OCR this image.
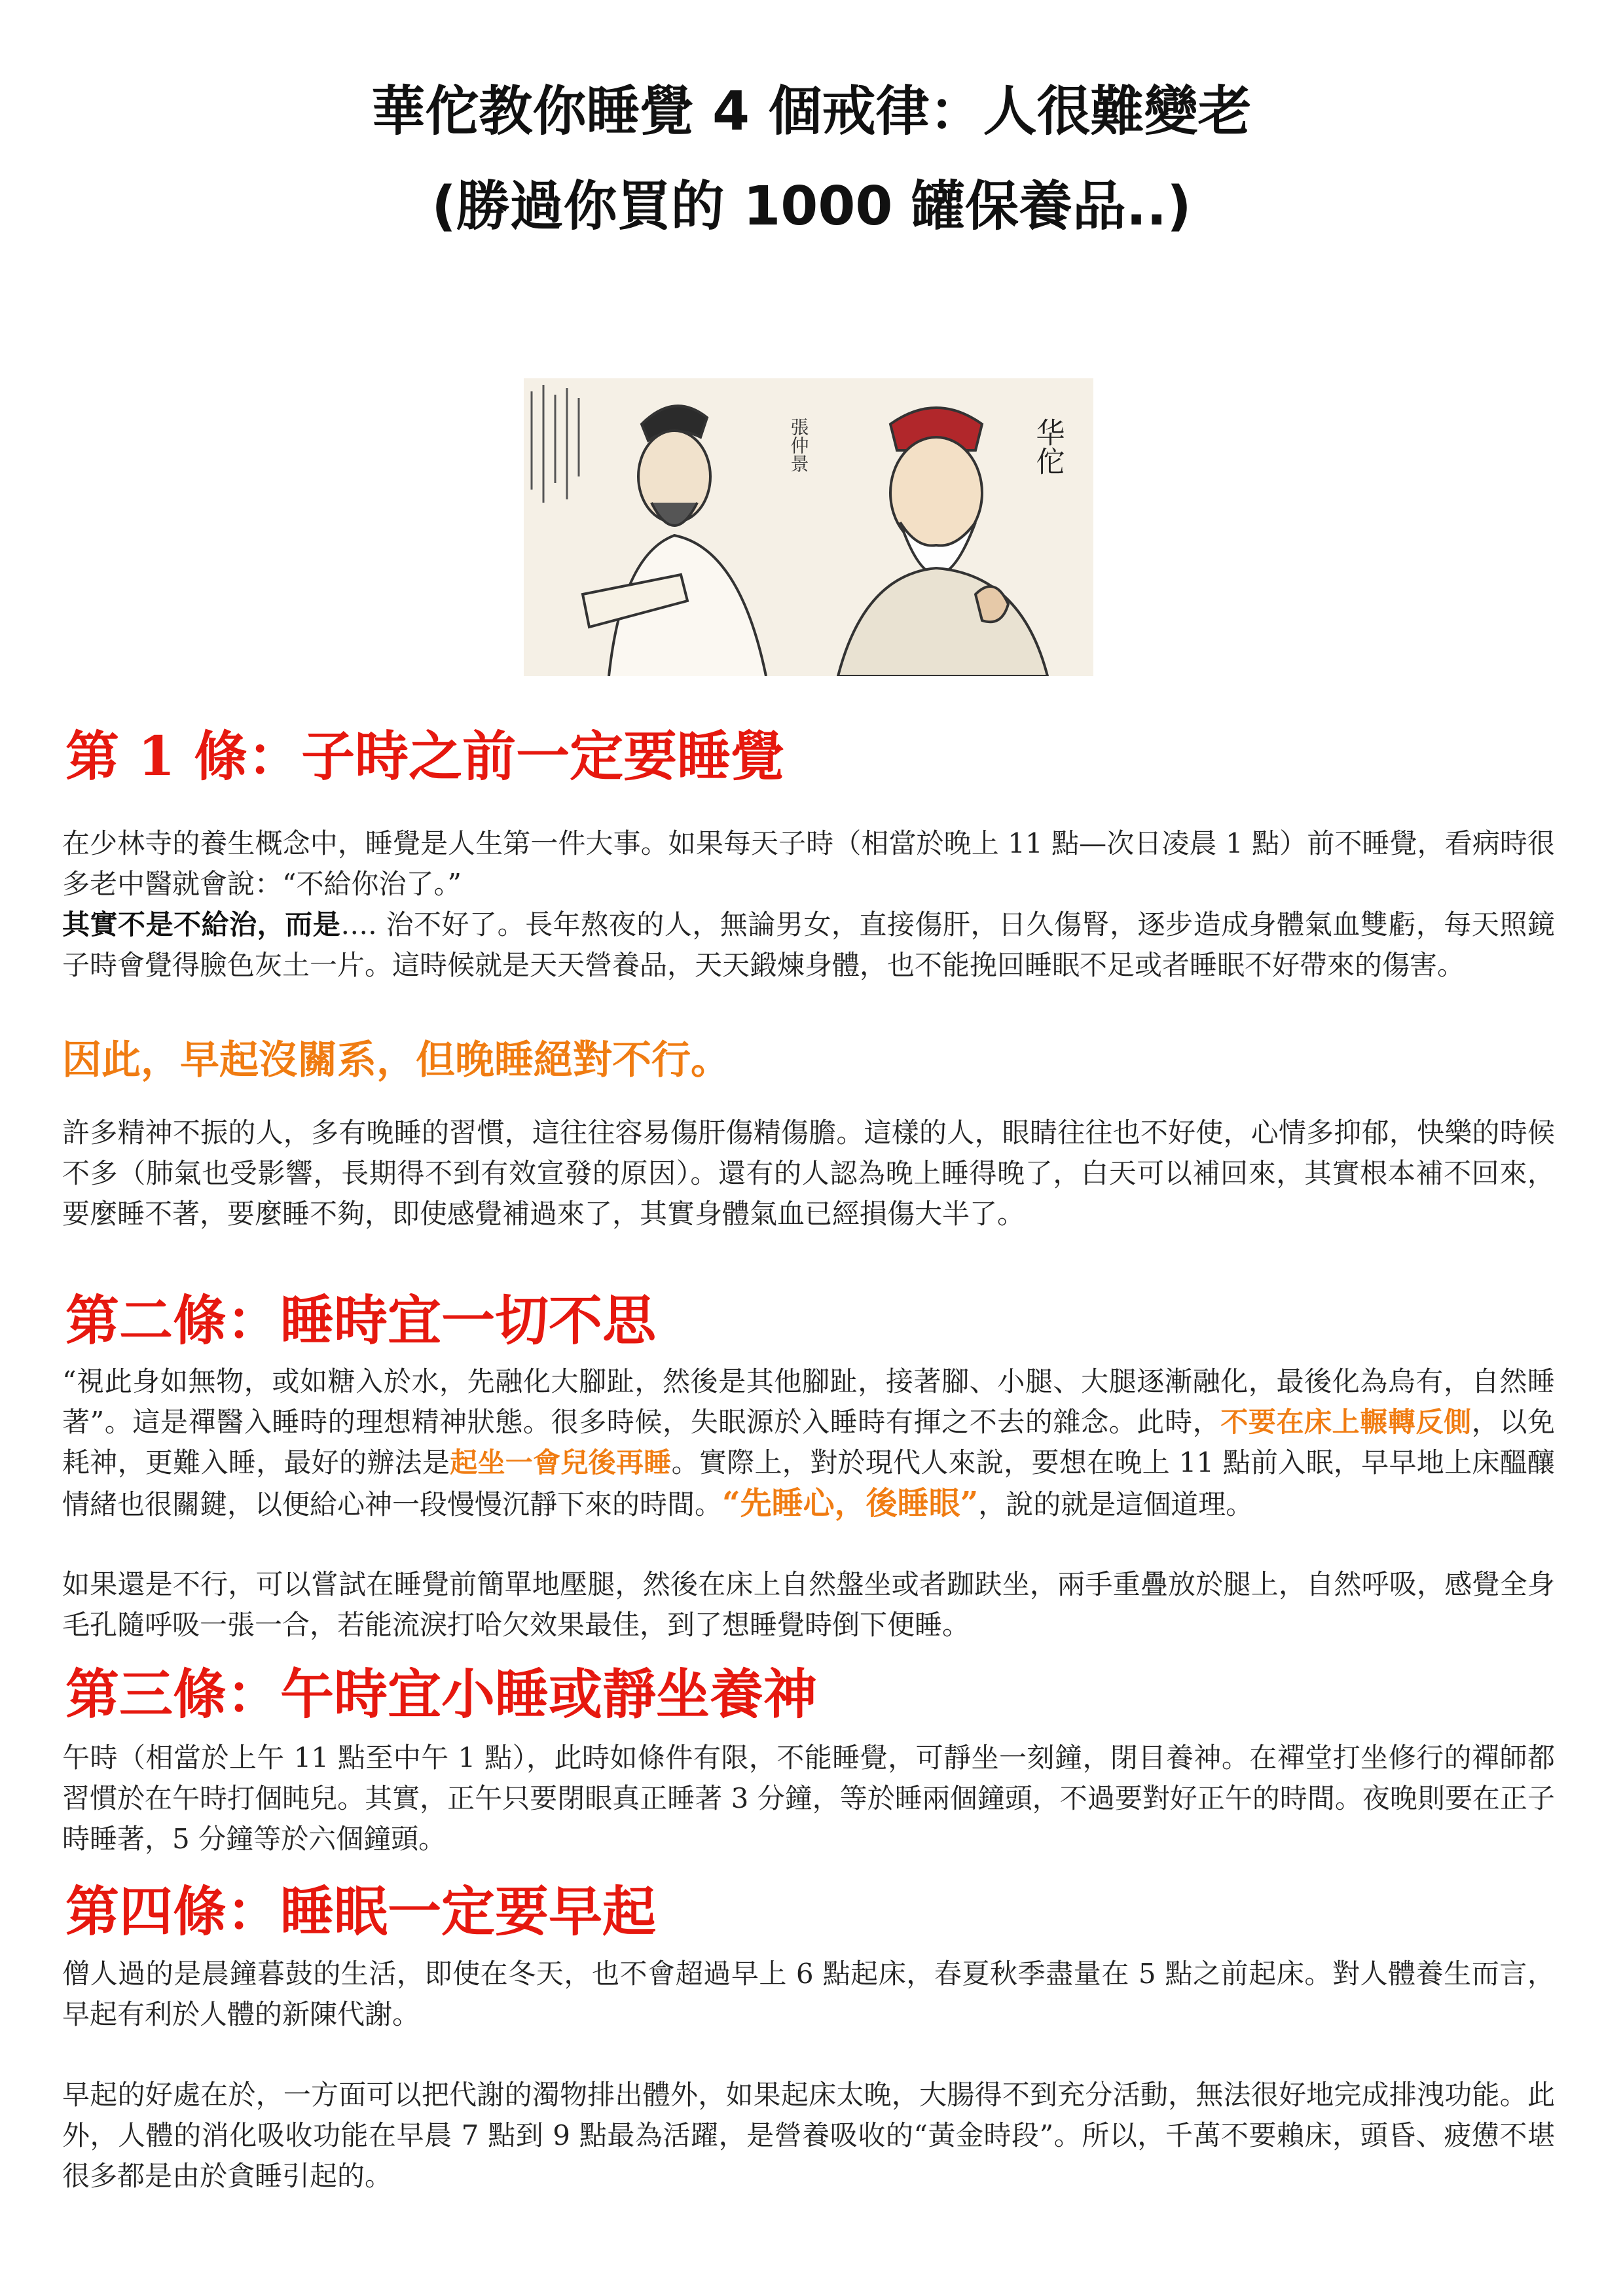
華佗教你睡覺 4 個戒律：人很難變老
(勝過你買的 1000 罐保養品..)
張仲景	华佗
第 1 條：子時之前一定要睡覺
在少林寺的養生概念中，睡覺是人生第一件大事。如果每天子時（相當於晚上 11 點—次日凌晨 1 點）前不睡覺，看病時很多老中醫就會說：“不給你治了。”
其實不是不給治，而是…. 治不好了。長年熬夜的人，無論男女，直接傷肝，日久傷腎，逐步造成身體氣血雙虧，每天照鏡子時會覺得臉色灰土一片。這時候就是天天營養品，天天鍛煉身體，也不能挽回睡眠不足或者睡眠不好帶來的傷害。
因此，早起沒關系，但晚睡絕對不行。
許多精神不振的人，多有晚睡的習慣，這往往容易傷肝傷精傷膽。這樣的人，眼睛往往也不好使，心情多抑郁，快樂的時候不多（肺氣也受影響，長期得不到有效宣發的原因）。還有的人認為晚上睡得晚了，白天可以補回來，其實根本補不回來，要麼睡不著，要麼睡不夠，即使感覺補過來了，其實身體氣血已經損傷大半了。
第二條：睡時宜一切不思
“視此身如無物，或如糖入於水，先融化大腳趾，然後是其他腳趾，接著腳、小腿、大腿逐漸融化，最後化為烏有，自然睡著”。這是禪醫入睡時的理想精神狀態。很多時候，失眠源於入睡時有揮之不去的雜念。此時，不要在床上輾轉反側，以免耗神，更難入睡，最好的辦法是起坐一會兒後再睡。實際上，對於現代人來說，要想在晚上 11 點前入眠，早早地上床醞釀情緒也很關鍵，以便給心神一段慢慢沉靜下來的時間。“先睡心，後睡眼”，說的就是這個道理。
如果還是不行，可以嘗試在睡覺前簡單地壓腿，然後在床上自然盤坐或者跏趺坐，兩手重疊放於腿上，自然呼吸，感覺全身毛孔隨呼吸一張一合，若能流淚打哈欠效果最佳，到了想睡覺時倒下便睡。
第三條：午時宜小睡或靜坐養神
午時（相當於上午 11 點至中午 1 點），此時如條件有限，不能睡覺，可靜坐一刻鐘，閉目養神。在禪堂打坐修行的禪師都習慣於在午時打個盹兒。其實，正午只要閉眼真正睡著 3 分鐘，等於睡兩個鐘頭，不過要對好正午的時間。夜晚則要在正子時睡著，5 分鐘等於六個鐘頭。
第四條：睡眠一定要早起
僧人過的是晨鐘暮鼓的生活，即使在冬天，也不會超過早上 6 點起床，春夏秋季盡量在 5 點之前起床。對人體養生而言，早起有利於人體的新陳代謝。
早起的好處在於，一方面可以把代謝的濁物排出體外，如果起床太晚，大腸得不到充分活動，無法很好地完成排洩功能。此外，人體的消化吸收功能在早晨 7 點到 9 點最為活躍，是營養吸收的“黃金時段”。所以，千萬不要賴床，頭昏、疲憊不堪很多都是由於貪睡引起的。
